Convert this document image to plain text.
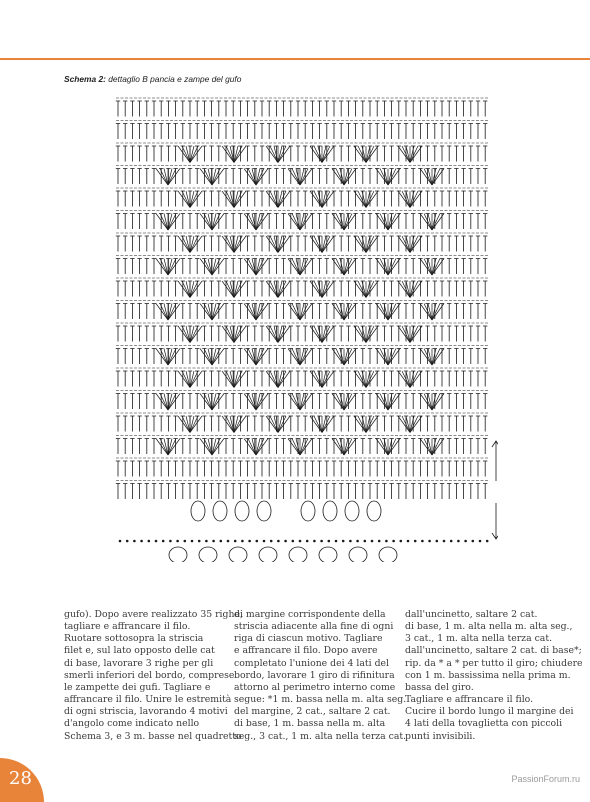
Schema 2: dettaglio B pancia e zampe del gufo

gufo). Dopo avere realizzato 35 righe,

tagliare e affrancare il filo.

Ruotare sottosopra la striscia

filet e, sul lato opposto delle cat

di base, lavorare 3 righe per gli

smerli inferiori del bordo, comprese

le zampette dei gufi. Tagliare e

affrancare il filo. Unire le estremità

di ogni striscia, lavorando 4 motivi

d'angolo come indicato nello

Schema 3, e 3 m. basse nel quadretto

di margine corrispondente della

striscia adiacente alla fine di ogni

riga di ciascun motivo. Tagliare

e affrancare il filo. Dopo avere

completato l'unione dei 4 lati del

bordo, lavorare 1 giro di rifinitura

attorno al perimetro interno come

segue: *1 m. bassa nella m. alta seg.

del margine, 2 cat., saltare 2 cat.

di base, 1 m. bassa nella m. alta

seg., 3 cat., 1 m. alta nella terza cat.

dall'uncinetto, saltare 2 cat.

di base, 1 m. alta nella m. alta seg.,

3 cat., 1 m. alta nella terza cat.

dall'uncinetto, saltare 2 cat. di base*;

rip. da * a * per tutto il giro; chiudere

con 1 m. bassissima nella prima m.

bassa del giro.

Tagliare e affrancare il filo.

Cucire il bordo lungo il margine dei

4 lati della tovaglietta con piccoli

punti invisibili.

28	PassionForum.ru
